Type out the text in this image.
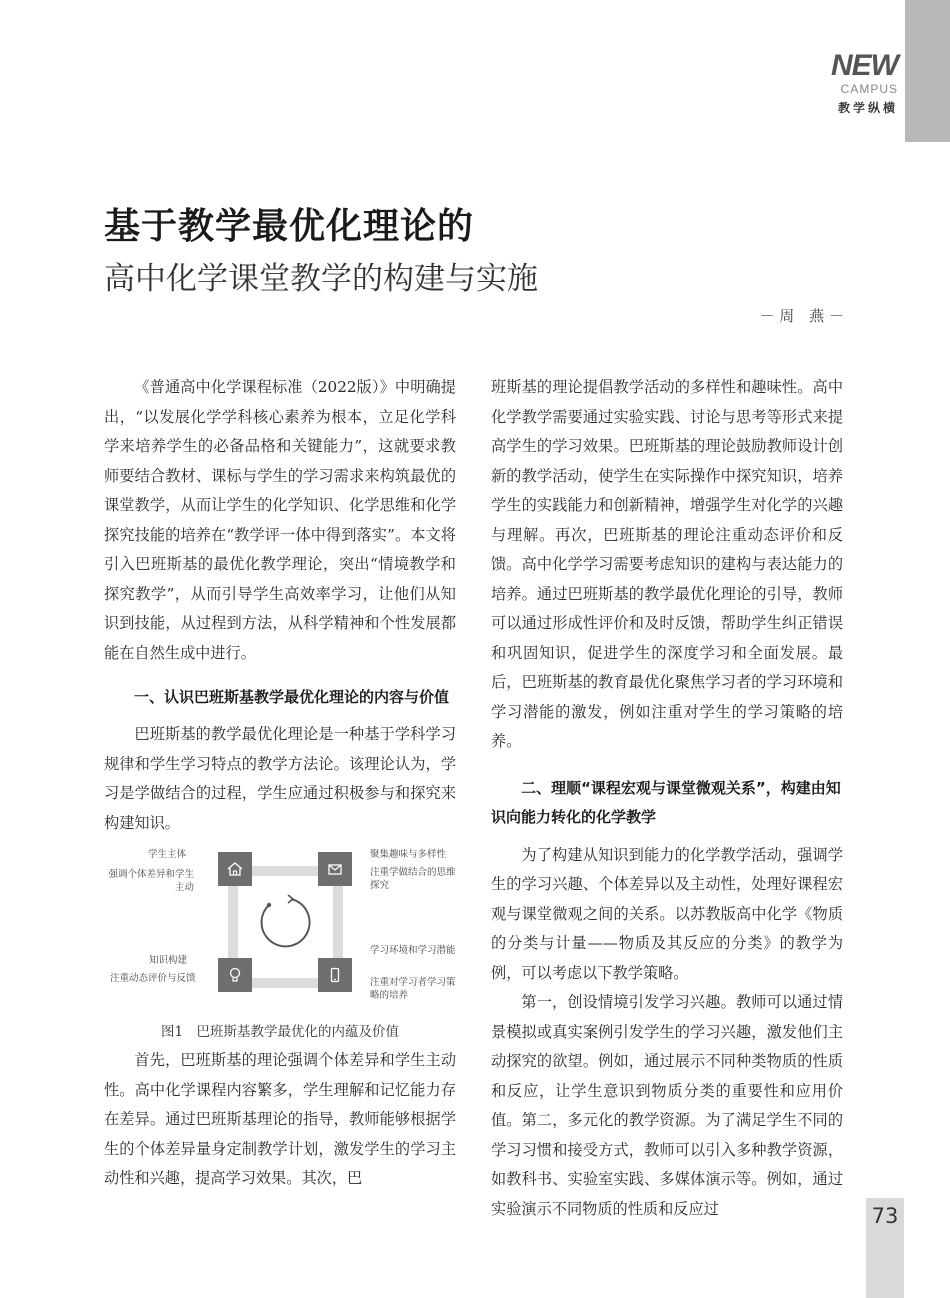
NEW
CAMPUS
教学纵横
基于教学最优化理论的
高中化学课堂教学的构建与实施
－ 周　燕 －

《普通高中化学课程标准（2022版）》中明确提出，“以发展化学学科核心素养为根本，立足化学科学来培养学生的必备品格和关键能力”，这就要求教师要结合教材、课标与学生的学习需求来构筑最优的课堂教学，从而让学生的化学知识、化学思维和化学探究技能的培养在“教学评一体中得到落实”。本文将引入巴班斯基的最优化教学理论，突出“情境教学和探究教学”，从而引导学生高效率学习，让他们从知识到技能，从过程到方法，从科学精神和个性发展都能在自然生成中进行。

一、认识巴班斯基教学最优化理论的内容与价值

巴班斯基的教学最优化理论是一种基于学科学习规律和学生学习特点的教学方法论。该理论认为，学习是学做结合的过程，学生应通过积极参与和探究来构建知识。

学生主体
强调个体差异和学生主动
知识构建
注重动态评价与反馈
聚集趣味与多样性
注重学做结合的思维探究
学习环境和学习潜能
注重对学习者学习策略的培养
图1　巴班斯基教学最优化的内蕴及价值

首先，巴班斯基的理论强调个体差异和学生主动性。高中化学课程内容繁多，学生理解和记忆能力存在差异。通过巴班斯基理论的指导，教师能够根据学生的个体差异量身定制教学计划，激发学生的学习主动性和兴趣，提高学习效果。其次，巴

班斯基的理论提倡教学活动的多样性和趣味性。高中化学教学需要通过实验实践、讨论与思考等形式来提高学生的学习效果。巴班斯基的理论鼓励教师设计创新的教学活动，使学生在实际操作中探究知识，培养学生的实践能力和创新精神，增强学生对化学的兴趣与理解。再次，巴班斯基的理论注重动态评价和反馈。高中化学学习需要考虑知识的建构与表达能力的培养。通过巴班斯基的教学最优化理论的引导，教师可以通过形成性评价和及时反馈，帮助学生纠正错误和巩固知识，促进学生的深度学习和全面发展。最后，巴班斯基的教育最优化聚焦学习者的学习环境和学习潜能的激发，例如注重对学生的学习策略的培养。

二、理顺“课程宏观与课堂微观关系”，构建由知识向能力转化的化学教学

为了构建从知识到能力的化学教学活动，强调学生的学习兴趣、个体差异以及主动性，处理好课程宏观与课堂微观之间的关系。以苏教版高中化学《物质的分类与计量——物质及其反应的分类》的教学为例，可以考虑以下教学策略。

第一，创设情境引发学习兴趣。教师可以通过情景模拟或真实案例引发学生的学习兴趣，激发他们主动探究的欲望。例如，通过展示不同种类物质的性质和反应，让学生意识到物质分类的重要性和应用价值。第二，多元化的教学资源。为了满足学生不同的学习习惯和接受方式，教师可以引入多种教学资源，如教科书、实验室实践、多媒体演示等。例如，通过实验演示不同物质的性质和反应过	73
